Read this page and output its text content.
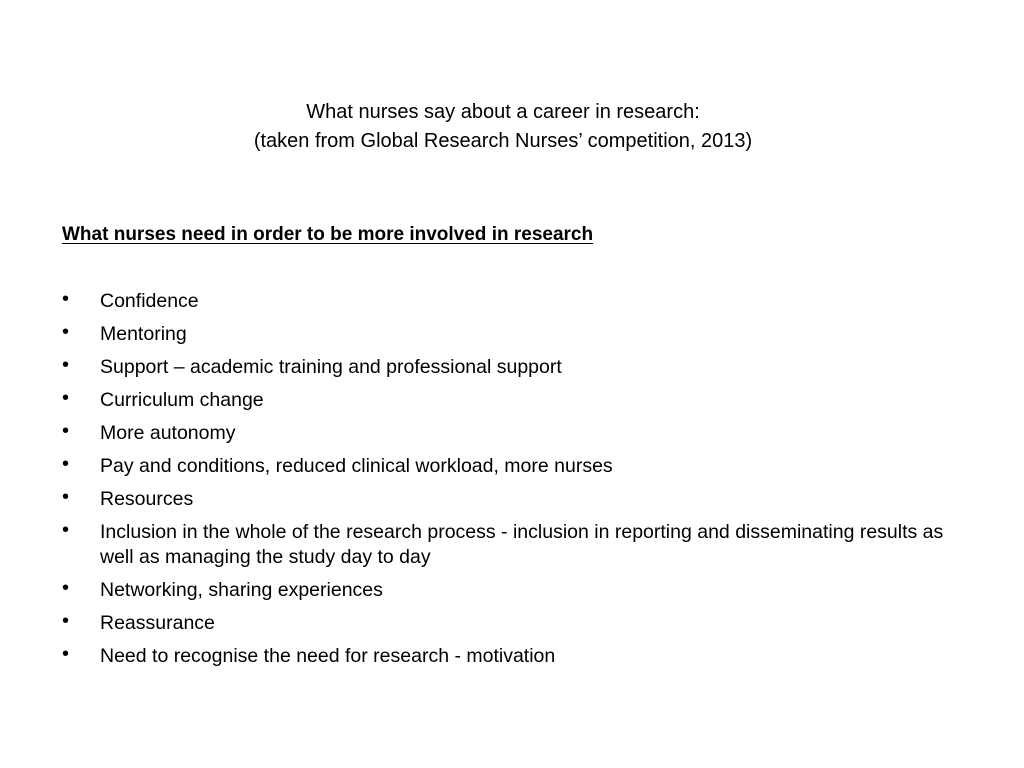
What nurses say about a career in research:
(taken from Global Research Nurses’ competition, 2013)
What nurses need in order to be more involved in research
• Confidence
• Mentoring
• Support – academic training and professional support
• Curriculum change
• More autonomy
• Pay and conditions, reduced clinical workload, more nurses
• Resources
• Inclusion in the whole of the research process - inclusion in reporting and disseminating results as well as managing the study day to day
• Networking, sharing experiences
• Reassurance
• Need to recognise the need for research - motivation
